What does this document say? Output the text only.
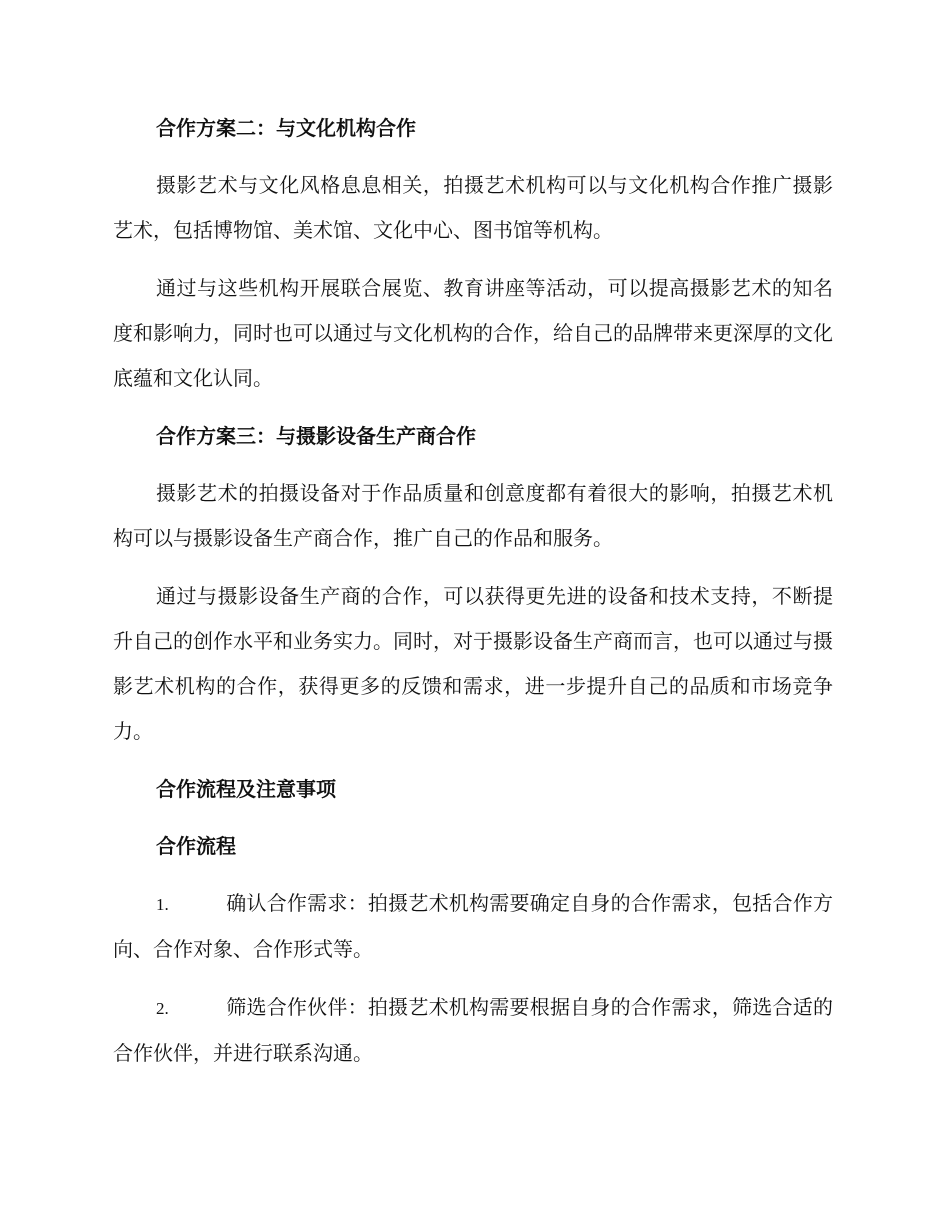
合作方案二：与文化机构合作
摄影艺术与文化风格息息相关，拍摄艺术机构可以与文化机构合作推广摄影艺术，包括博物馆、美术馆、文化中心、图书馆等机构。
通过与这些机构开展联合展览、教育讲座等活动，可以提高摄影艺术的知名度和影响力，同时也可以通过与文化机构的合作，给自己的品牌带来更深厚的文化底蕴和文化认同。
合作方案三：与摄影设备生产商合作
摄影艺术的拍摄设备对于作品质量和创意度都有着很大的影响，拍摄艺术机构可以与摄影设备生产商合作，推广自己的作品和服务。
通过与摄影设备生产商的合作，可以获得更先进的设备和技术支持，不断提升自己的创作水平和业务实力。同时，对于摄影设备生产商而言，也可以通过与摄影艺术机构的合作，获得更多的反馈和需求，进一步提升自己的品质和市场竞争力。
合作流程及注意事项
合作流程
1.	确认合作需求：拍摄艺术机构需要确定自身的合作需求，包括合作方向、合作对象、合作形式等。
2.	筛选合作伙伴：拍摄艺术机构需要根据自身的合作需求，筛选合适的合作伙伴，并进行联系沟通。
